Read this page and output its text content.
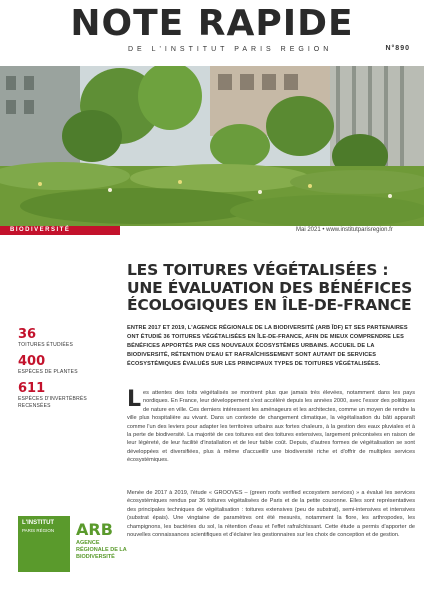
NOTE RAPIDE
DE L'INSTITUT PARIS REGION	N°890
BIODIVERSITÉ	Mai 2021 • www.institutparisregion.fr
LES TOITURES VÉGÉTALISÉES :
UNE ÉVALUATION DES BÉNÉFICES
ÉCOLOGIQUES EN ÎLE-DE-FRANCE
36
TOITURES ÉTUDIÉES
400
ESPÈCES DE PLANTES
611
ESPÈCES D'INVERTÉBRÉS RECENSÉES

ENTRE 2017 ET 2019, L'AGENCE RÉGIONALE DE LA BIODIVERSITÉ (ARB ÎDF) ET SES PARTENAIRES ONT ÉTUDIÉ 36 TOITURES VÉGÉTALISÉES EN ÎLE-DE-FRANCE, AFIN DE MIEUX COMPRENDRE LES BÉNÉFICES APPORTÉS PAR CES NOUVEAUX ÉCOSYSTÈMES URBAINS. ACCUEIL DE LA BIODIVERSITÉ, RÉTENTION D'EAU ET RAFRAÎCHISSEMENT SONT AUTANT DE SERVICES ÉCOSYSTÉMIQUES ÉVALUÉS SUR LES PRINCIPAUX TYPES DE TOITURES VÉGÉTALISÉES.

L es attentes des toits végétalisés se montrent plus que jamais très élevées, notamment dans les pays nordiques. En France, leur développement s'est accéléré depuis les années 2000, avec l'essor des politiques de nature en ville. Ces derniers intéressent les aménageurs et les architectes, comme un moyen de rendre la ville plus hospitalière au vivant. Dans un contexte de changement climatique, la végétalisation du bâti apparaît comme l'un des leviers pour adapter les territoires urbains aux fortes chaleurs, à la gestion des eaux pluviales et à la perte de biodiversité. La majorité de ces toitures est des toitures extensives, largement préconisées en raison de leur légèreté, de leur facilité d'installation et de leur faible coût. Depuis, d'autres formes de végétalisation se sont développées et diversifiées, plus à même d'accueillir une biodiversité riche et d'offrir de multiples services écosystémiques.

Menée de 2017 à 2019, l'étude « GROOVES – (green roofs verified ecosystem services) » a évalué les services écosystémiques rendus par 36 toitures végétalisées de Paris et de la petite couronne. Elles sont représentatives des principales techniques de végétalisation : toitures extensives (peu de substrat), semi-intensives et intensives (substrat épais). Une vingtaine de paramètres ont été mesurés, notamment la flore, les arthropodes, les champignons, les bactéries du sol, la rétention d'eau et l'effet rafraîchissant. Cette étude a permis d'apporter de nouvelles connaissances scientifiques et d'éclairer les gestionnaires sur les choix de conception et de gestion.

L'INSTITUT
PARIS RÉGION ARB
AGENCE RÉGIONALE DE LA BIODIVERSITÉ
